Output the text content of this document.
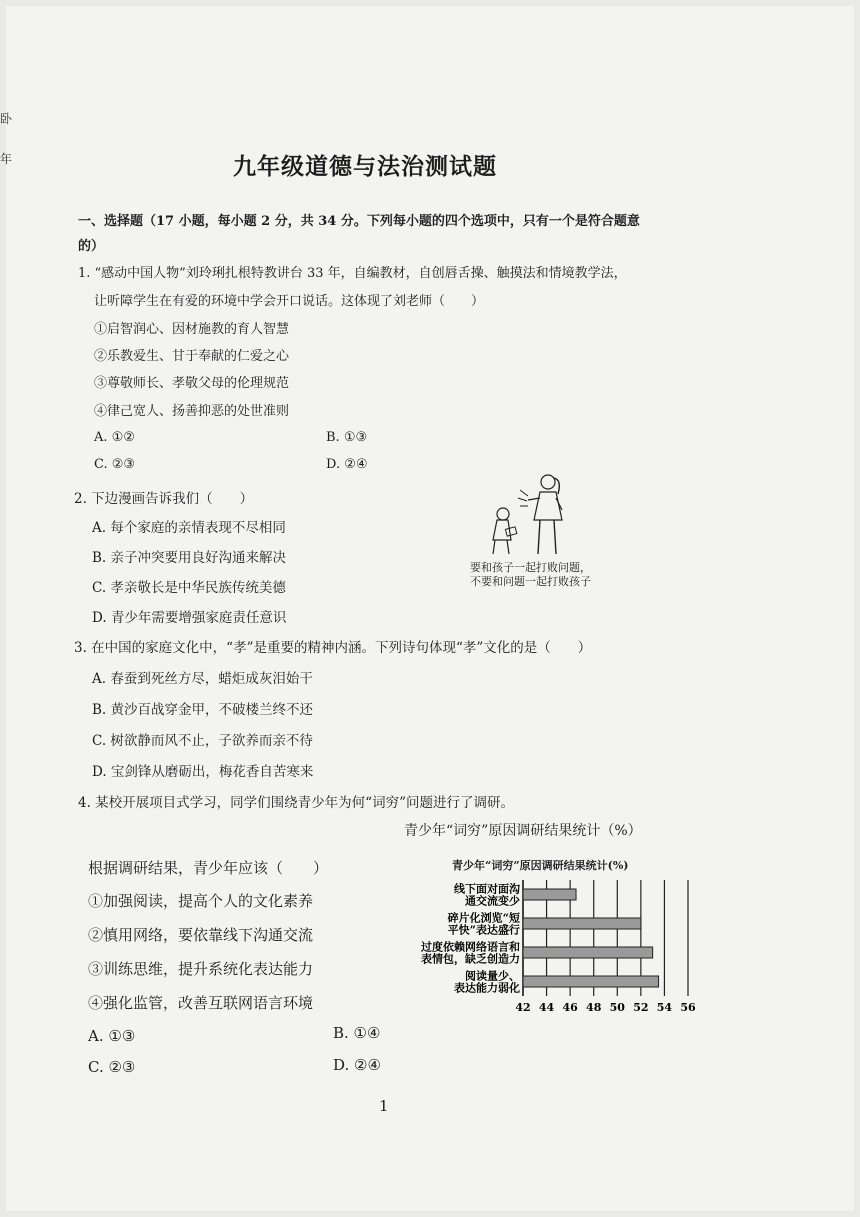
卧
年	九年级道德与法治测试题
一、选择题（17 小题，每小题 2 分，共 34 分。下列每小题的四个选项中，只有一个是符合题意
的）
1. “感动中国人物”刘玲琍扎根特教讲台 33 年，自编教材，自创唇舌操、触摸法和情境教学法，
让听障学生在有爱的环境中学会开口说话。这体现了刘老师（　　）
①启智润心、因材施教的育人智慧
②乐教爱生、甘于奉献的仁爱之心
③尊敬师长、孝敬父母的伦理规范
④律己宽人、扬善抑恶的处世准则
A. ①②	B. ①③
C. ②③	D. ②④
2. 下边漫画告诉我们（　　）
A. 每个家庭的亲情表现不尽相同
B. 亲子冲突要用良好沟通来解决
C. 孝亲敬长是中华民族传统美德
D. 青少年需要增强家庭责任意识
要和孩子一起打败问题，
不要和问题一起打败孩子
3. 在中国的家庭文化中，“孝”是重要的精神内涵。下列诗句体现“孝”文化的是（　　）
A. 春蚕到死丝方尽，蜡炬成灰泪始干
B. 黄沙百战穿金甲，不破楼兰终不还
C. 树欲静而风不止，子欲养而亲不待
D. 宝剑锋从磨砺出，梅花香自苦寒来
4. 某校开展项目式学习，同学们围绕青少年为何“词穷”问题进行了调研。
青少年“词穷”原因调研结果统计（%）
根据调研结果，青少年应该（　　）
①加强阅读，提高个人的文化素养
②慎用网络，要依靠线下沟通交流
③训练思维，提升系统化表达能力
④强化监管，改善互联网语言环境
A. ①③	B. ①④
C. ②③	D. ②④
青少年“词穷”原因调研结果统计(%)
42 44 46 48 50 52 54 56
线下面对面沟
通交流变少
碎片化浏览“短
平快”表达盛行
过度依赖网络语言和
表情包，缺乏创造力
阅读量少、
表达能力弱化
1
